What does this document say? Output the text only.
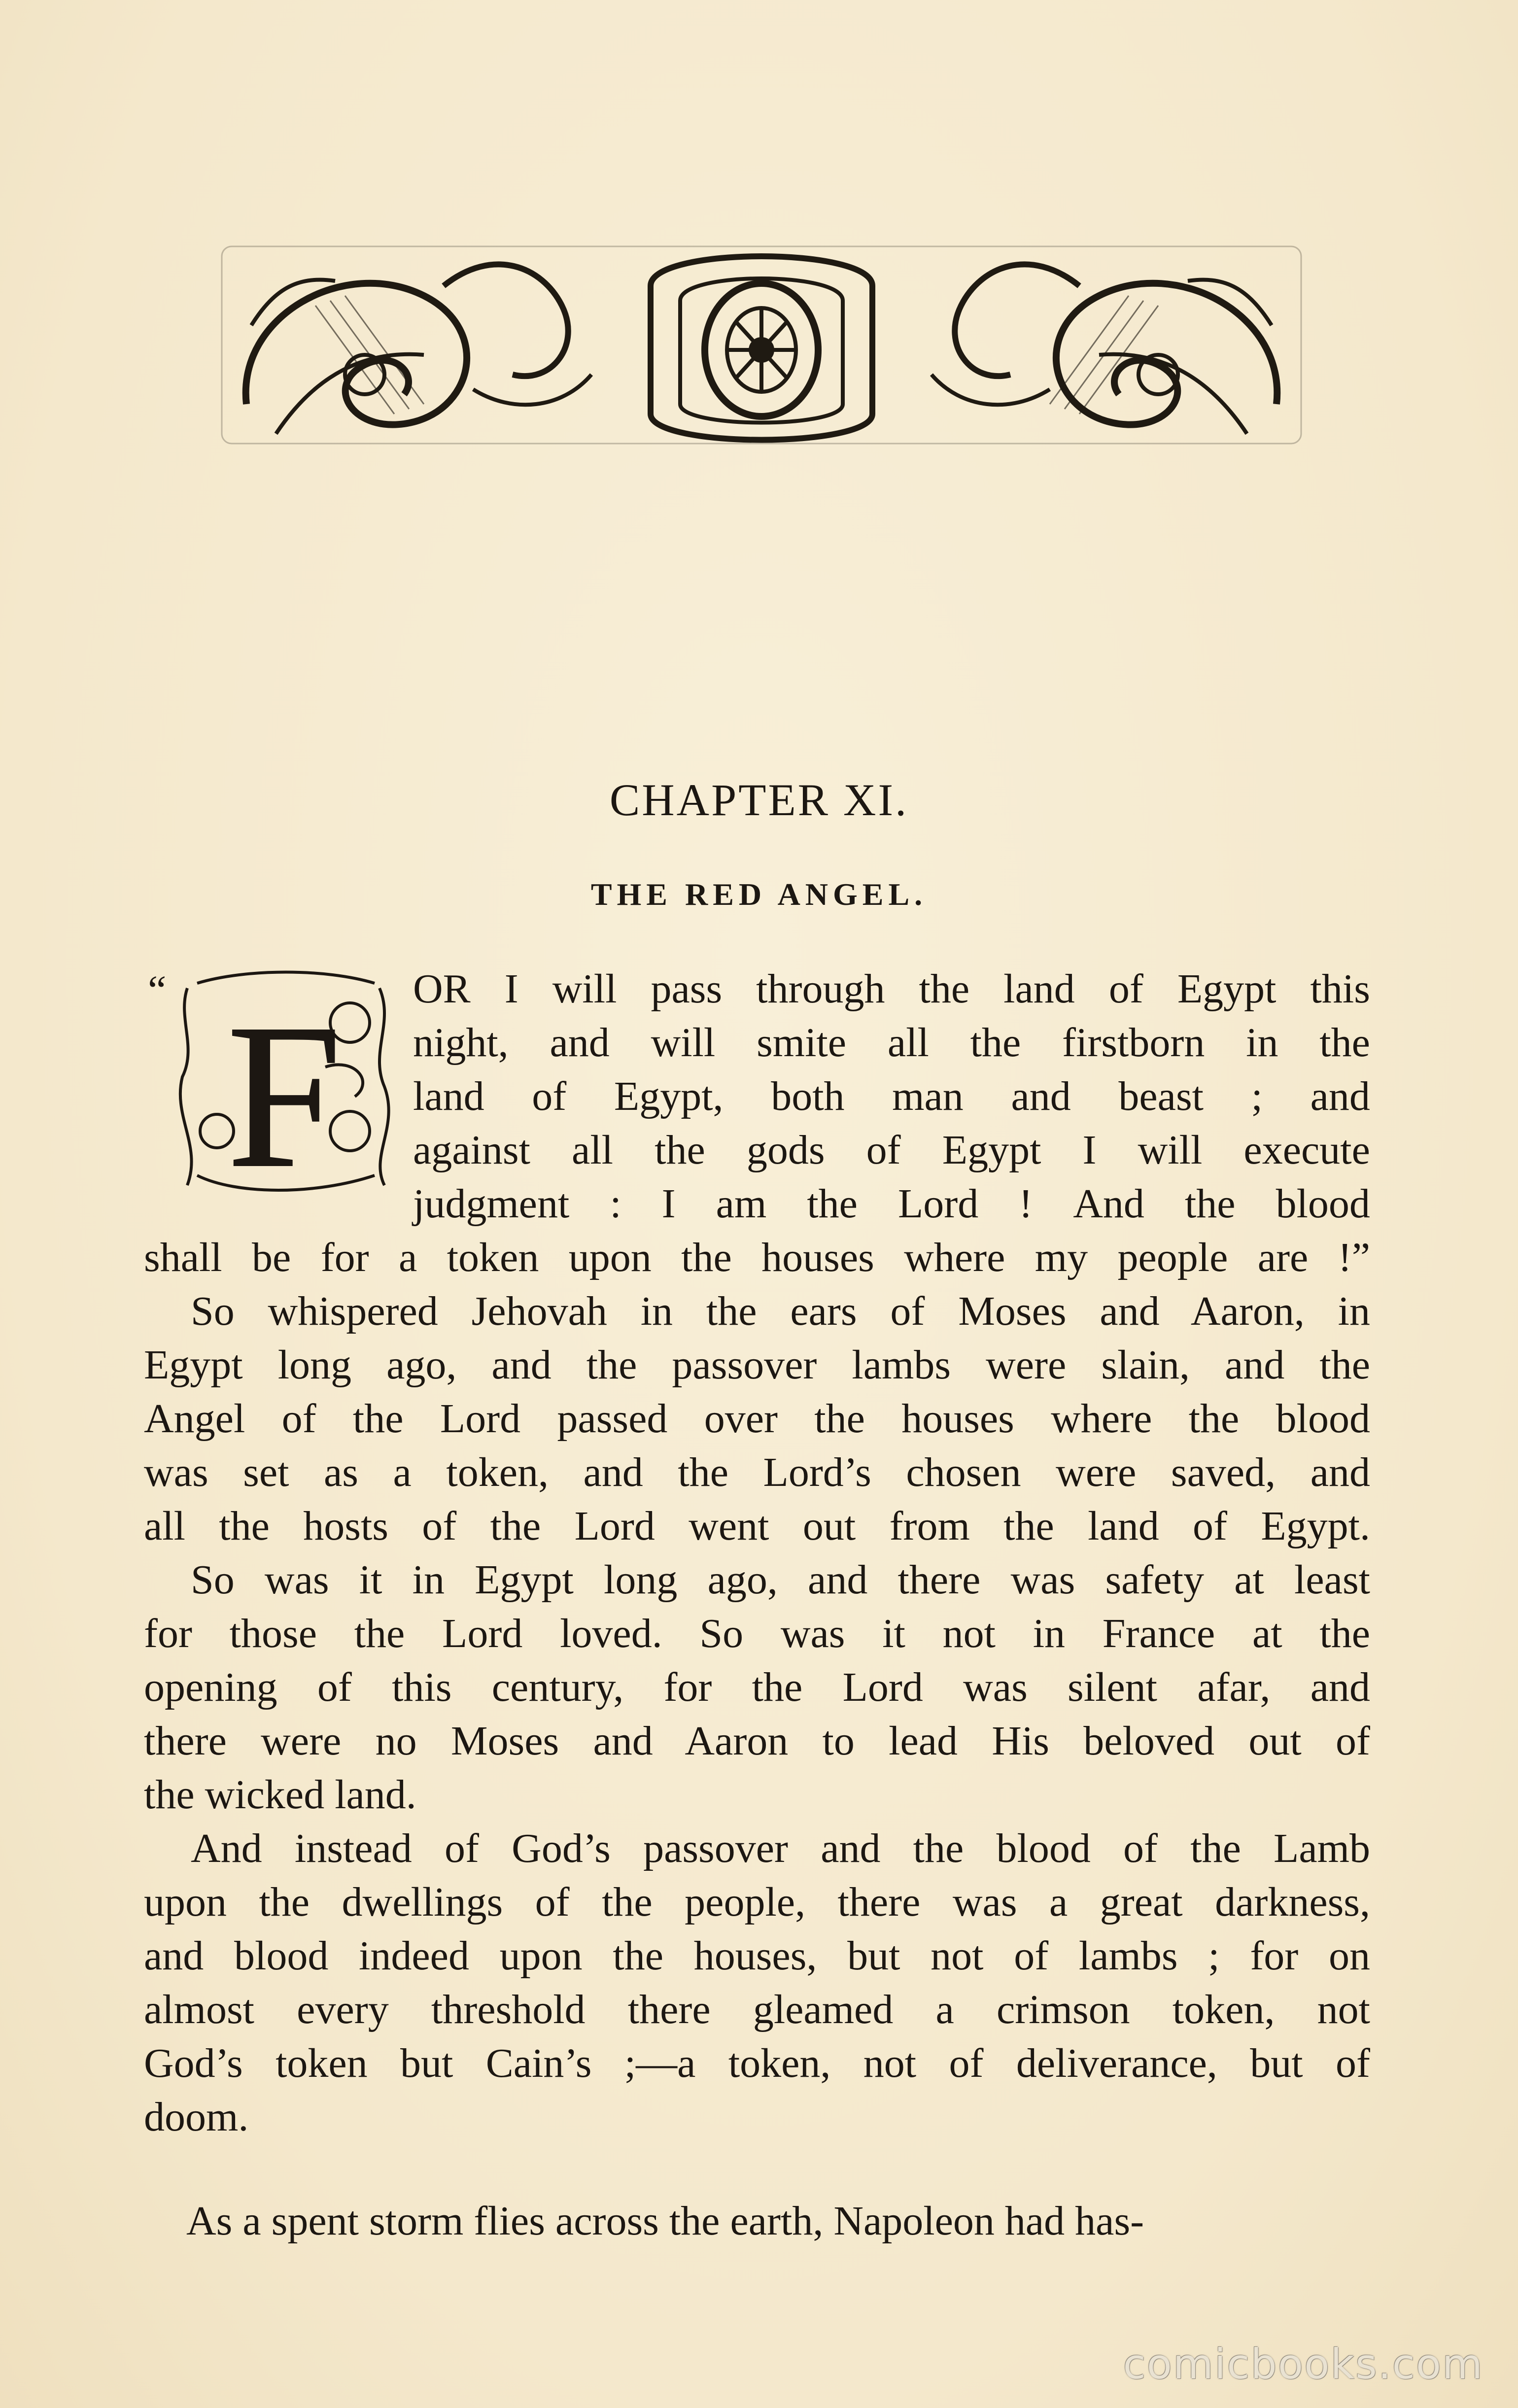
CHAPTER XI.
THE RED ANGEL.
“ F OR I will pass through the land of Egypt this
night, and will smite all the firstborn in the
land of Egypt, both man and beast ; and
against all the gods of Egypt I will execute
judgment : I am the Lord ! And the blood
shall be for a token upon the houses where my people are !”
So whispered Jehovah in the ears of Moses and Aaron, in
Egypt long ago, and the passover lambs were slain, and the
Angel of the Lord passed over the houses where the blood
was set as a token, and the Lord’s chosen were saved, and
all the hosts of the Lord went out from the land of Egypt.
So was it in Egypt long ago, and there was safety at least
for those the Lord loved. So was it not in France at the
opening of this century, for the Lord was silent afar, and
there were no Moses and Aaron to lead His beloved out of
the wicked land.
And instead of God’s passover and the blood of the Lamb
upon the dwellings of the people, there was a great darkness,
and blood indeed upon the houses, but not of lambs ; for on
almost every threshold there gleamed a crimson token, not
God’s token but Cain’s ;—a token, not of deliverance, but of
doom.
As a spent storm flies across the earth, Napoleon had has-
comicbooks.com
